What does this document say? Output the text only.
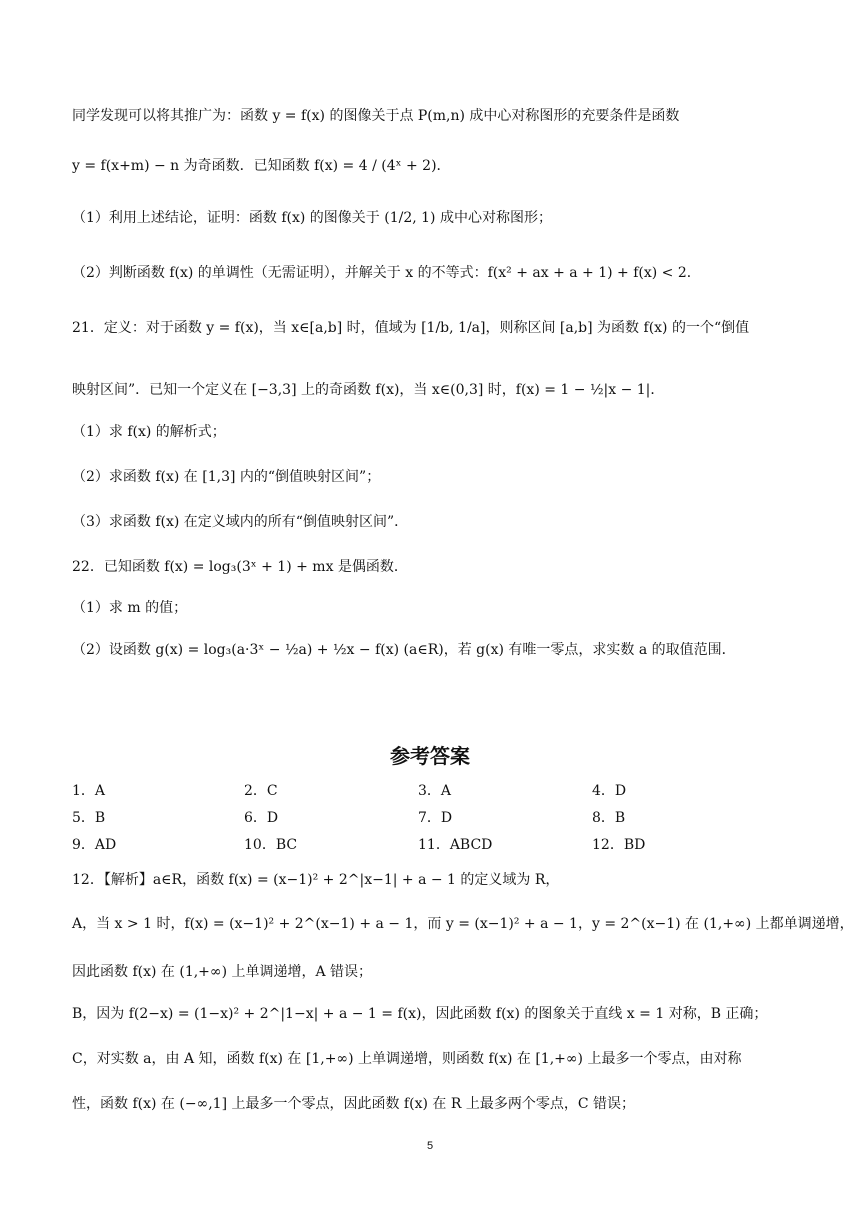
同学发现可以将其推广为：函数 y = f(x) 的图像关于点 P(m,n) 成中心对称图形的充要条件是函数
y = f(x+m) − n 为奇函数．已知函数 f(x) = 4 / (4ˣ + 2)．
（1）利用上述结论，证明：函数 f(x) 的图像关于 (1/2, 1) 成中心对称图形；
（2）判断函数 f(x) 的单调性（无需证明），并解关于 x 的不等式：f(x² + ax + a + 1) + f(x) < 2．
21．定义：对于函数 y = f(x)，当 x∈[a,b] 时，值域为 [1/b, 1/a]，则称区间 [a,b] 为函数 f(x) 的一个“倒值
映射区间”．已知一个定义在 [−3,3] 上的奇函数 f(x)，当 x∈(0,3] 时，f(x) = 1 − ½|x − 1|．
（1）求 f(x) 的解析式；
（2）求函数 f(x) 在 [1,3] 内的“倒值映射区间”；
（3）求函数 f(x) 在定义域内的所有“倒值映射区间”．
22．已知函数 f(x) = log₃(3ˣ + 1) + mx 是偶函数．
（1）求 m 的值；
（2）设函数 g(x) = log₃(a·3ˣ − ½a) + ½x − f(x) (a∈R)，若 g(x) 有唯一零点，求实数 a 的取值范围．
参考答案
1．A	2．C	3．A	4．D
5．B	6．D	7．D	8．B
9．AD	10．BC	11．ABCD	12．BD
12．【解析】a∈R，函数 f(x) = (x−1)² + 2^|x−1| + a − 1 的定义域为 R，
A，当 x > 1 时，f(x) = (x−1)² + 2^(x−1) + a − 1，而 y = (x−1)² + a − 1，y = 2^(x−1) 在 (1,+∞) 上都单调递增，
因此函数 f(x) 在 (1,+∞) 上单调递增，A 错误；
B，因为 f(2−x) = (1−x)² + 2^|1−x| + a − 1 = f(x)，因此函数 f(x) 的图象关于直线 x = 1 对称，B 正确；
C，对实数 a，由 A 知，函数 f(x) 在 [1,+∞) 上单调递增，则函数 f(x) 在 [1,+∞) 上最多一个零点，由对称
性，函数 f(x) 在 (−∞,1] 上最多一个零点，因此函数 f(x) 在 R 上最多两个零点，C 错误；
5
